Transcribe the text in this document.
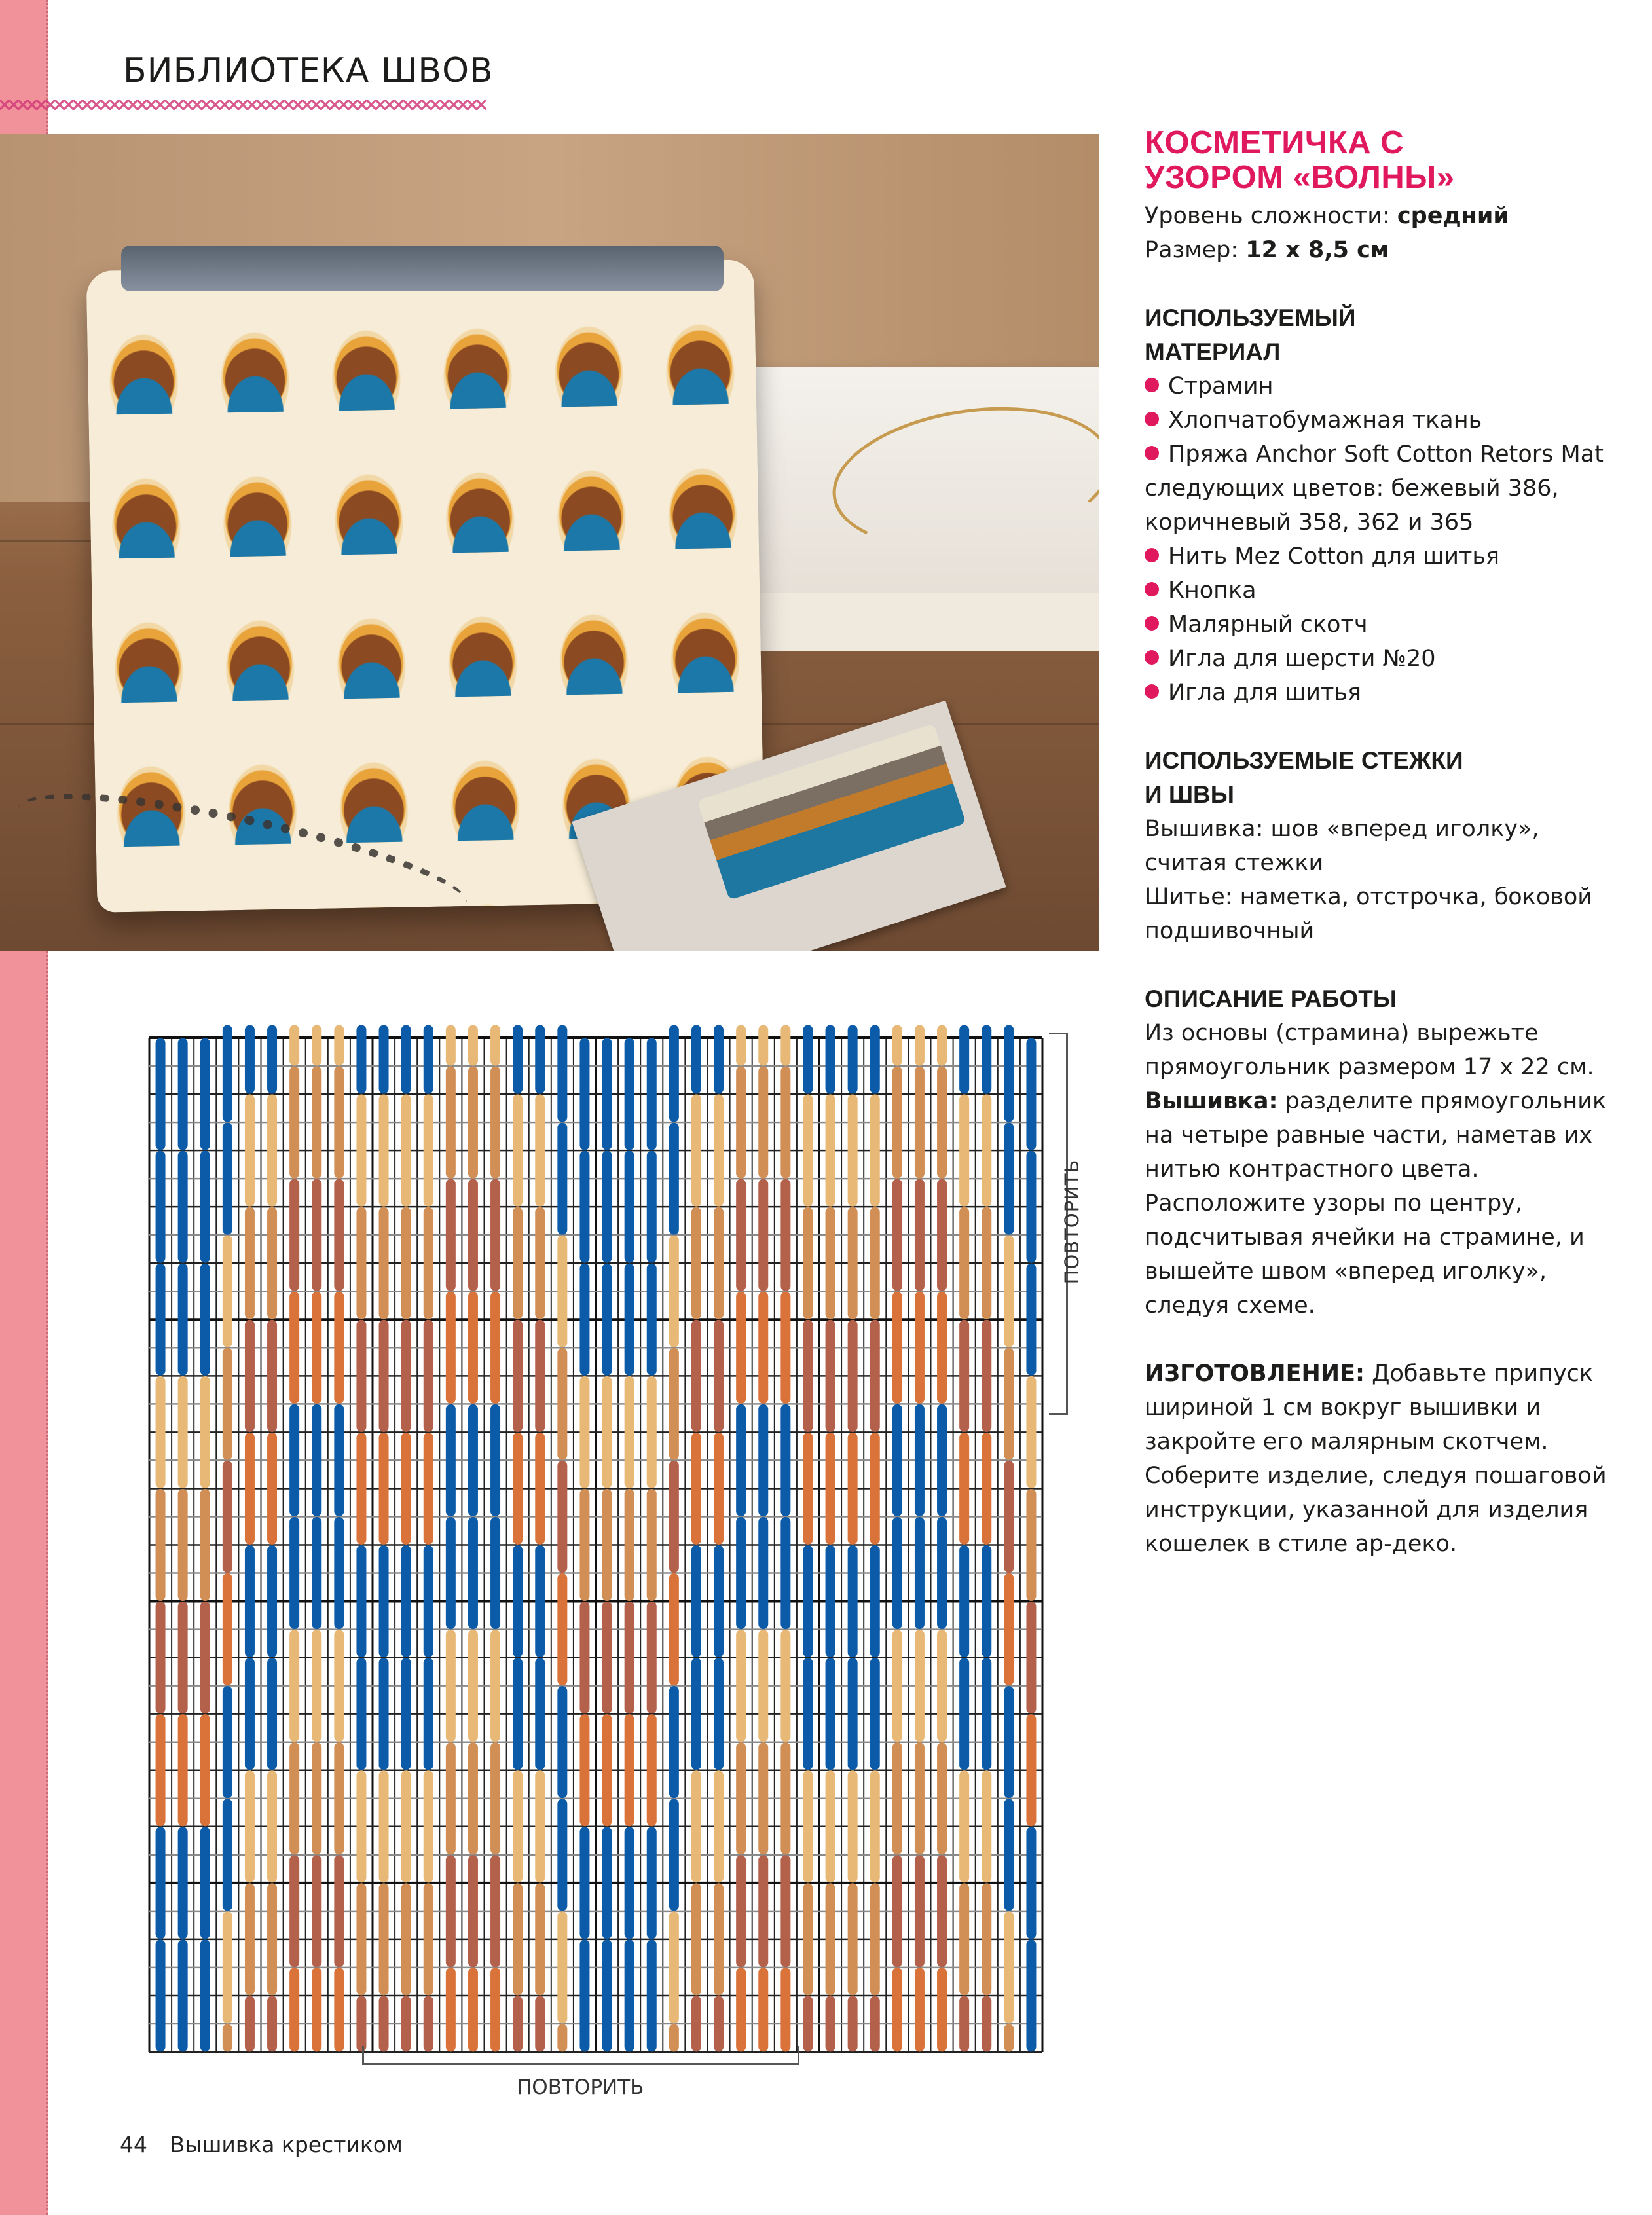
БИБЛИОТЕКА ШВОВ
КОСМЕТИЧКА С
УЗОРОМ «ВОЛНЫ»
Уровень сложности: средний
Размер: 12 х 8,5 см
ИСПОЛЬЗУЕМЫЙ
МАТЕРИАЛ
Страмин
Хлопчатобумажная ткань
Пряжа Anchor Soft Cotton Retors Mat следующих цветов: бежевый 386, коричневый 358, 362 и 365
Нить Mez Cotton для шитья
Кнопка
Малярный скотч
Игла для шерсти №20
Игла для шитья
ИСПОЛЬЗУЕМЫЕ СТЕЖКИ
И ШВЫ

Вышивка: шов «вперед иголку», считая стежки

Шитье: наметка, отстрочка, боковой подшивочный

ОПИСАНИЕ РАБОТЫ

Из основы (страмина) вырежьте прямоугольник размером 17 х 22 см.

Вышивка: разделите прямоугольник на четыре равные части, наметав их нитью контрастного цвета. Расположите узоры по центру, подсчитывая ячейки на страмине, и вышейте швом «вперед иголку», следуя схеме.

ИЗГОТОВЛЕНИЕ: Добавьте припуск шириной 1 см вокруг вышивки и закройте его малярным скотчем. Соберите изделие, следуя пошаговой инструкции, указанной для изделия кошелек в стиле ар-деко.

ПОВТОРИТЬ
ПОВТОРИТЬ
44 Вышивка крестиком
